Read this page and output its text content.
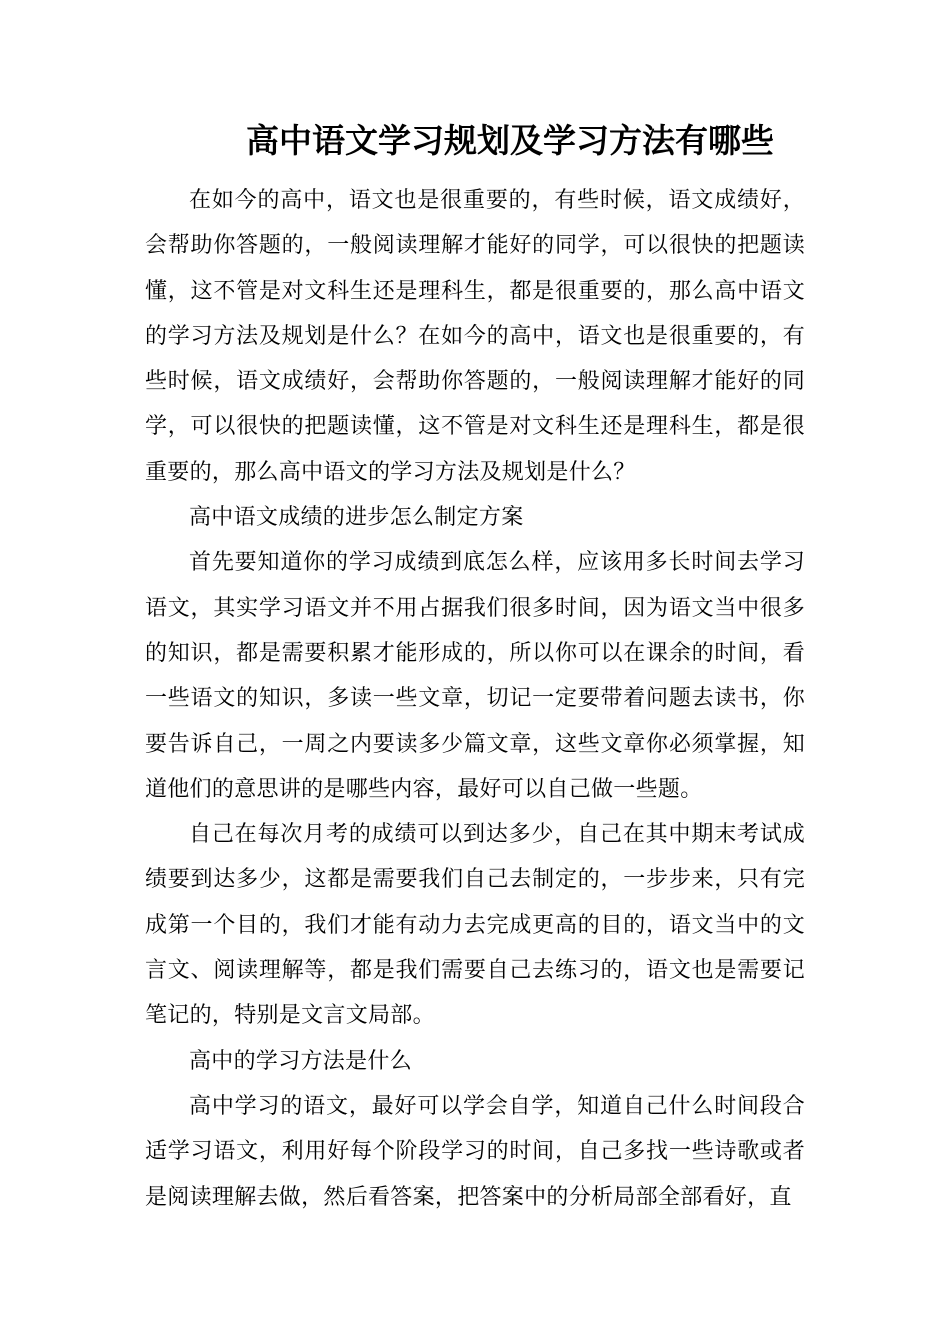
高中语文学习规划及学习方法有哪些

在如今的高中，语文也是很重要的，有些时候，语文成绩好，会帮助你答题的，一般阅读理解才能好的同学，可以很快的把题读懂，这不管是对文科生还是理科生，都是很重要的，那么高中语文的学习方法及规划是什么？在如今的高中，语文也是很重要的，有些时候，语文成绩好，会帮助你答题的，一般阅读理解才能好的同学，可以很快的把题读懂，这不管是对文科生还是理科生，都是很重要的，那么高中语文的学习方法及规划是什么？

高中语文成绩的进步怎么制定方案

首先要知道你的学习成绩到底怎么样，应该用多长时间去学习语文，其实学习语文并不用占据我们很多时间，因为语文当中很多的知识，都是需要积累才能形成的，所以你可以在课余的时间，看一些语文的知识，多读一些文章，切记一定要带着问题去读书，你要告诉自己，一周之内要读多少篇文章，这些文章你必须掌握，知道他们的意思讲的是哪些内容，最好可以自己做一些题。

自己在每次月考的成绩可以到达多少，自己在其中期末考试成绩要到达多少，这都是需要我们自己去制定的，一步步来，只有完成第一个目的，我们才能有动力去完成更高的目的，语文当中的文言文、阅读理解等，都是我们需要自己去练习的，语文也是需要记笔记的，特别是文言文局部。

高中的学习方法是什么

高中学习的语文，最好可以学会自学，知道自己什么时间段合适学习语文，利用好每个阶段学习的时间，自己多找一些诗歌或者是阅读理解去做，然后看答案，把答案中的分析局部全部看好，直
